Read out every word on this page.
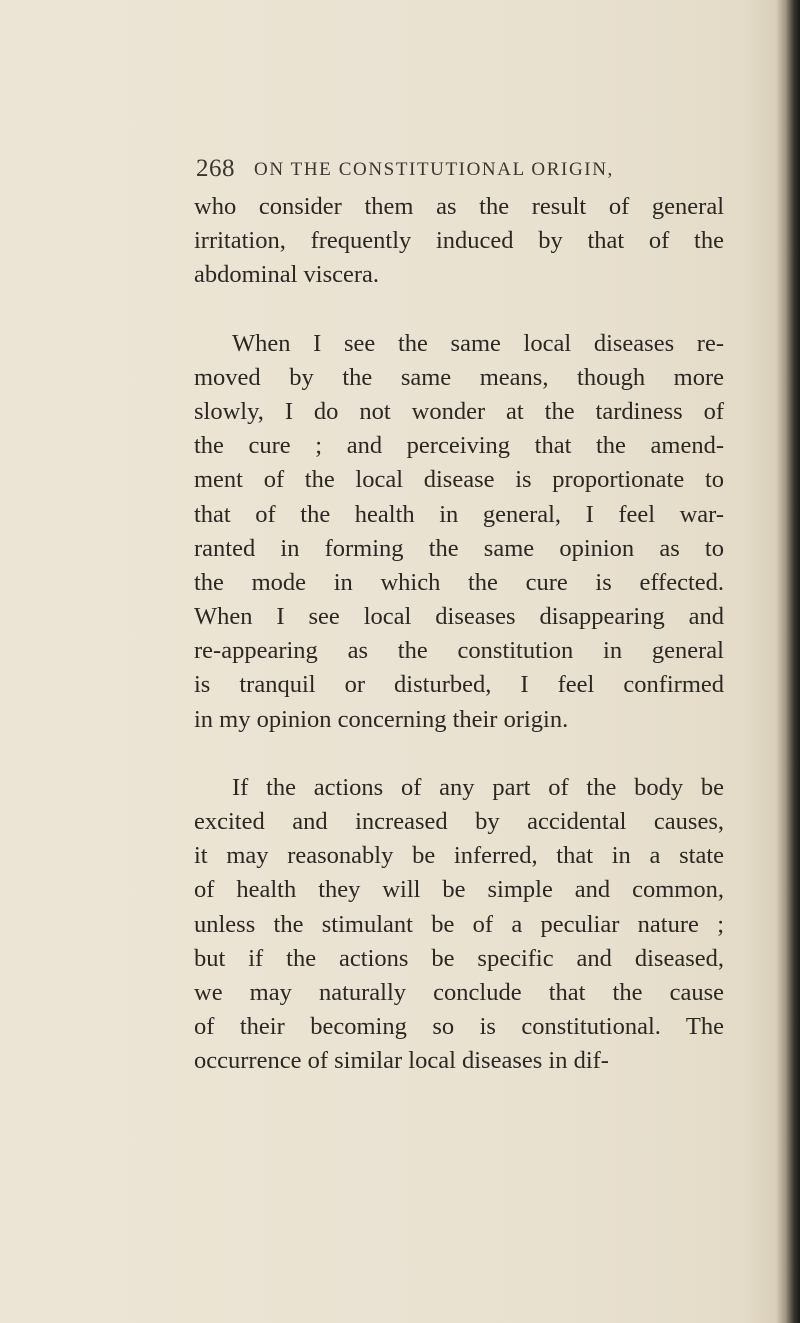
268 ON THE CONSTITUTIONAL ORIGIN,
who consider them as the result of general
irritation, frequently induced by that of the
abdominal viscera.
When I see the same local diseases re-
moved by the same means, though more
slowly, I do not wonder at the tardiness of
the cure ; and perceiving that the amend-
ment of the local disease is proportionate to
that of the health in general, I feel war-
ranted in forming the same opinion as to
the mode in which the cure is effected.
When I see local diseases disappearing and
re-appearing as the constitution in general
is tranquil or disturbed, I feel confirmed
in my opinion concerning their origin.
If the actions of any part of the body be
excited and increased by accidental causes,
it may reasonably be inferred, that in a state
of health they will be simple and common,
unless the stimulant be of a peculiar nature ;
but if the actions be specific and diseased,
we may naturally conclude that the cause
of their becoming so is constitutional. The
occurrence of similar local diseases in dif-
